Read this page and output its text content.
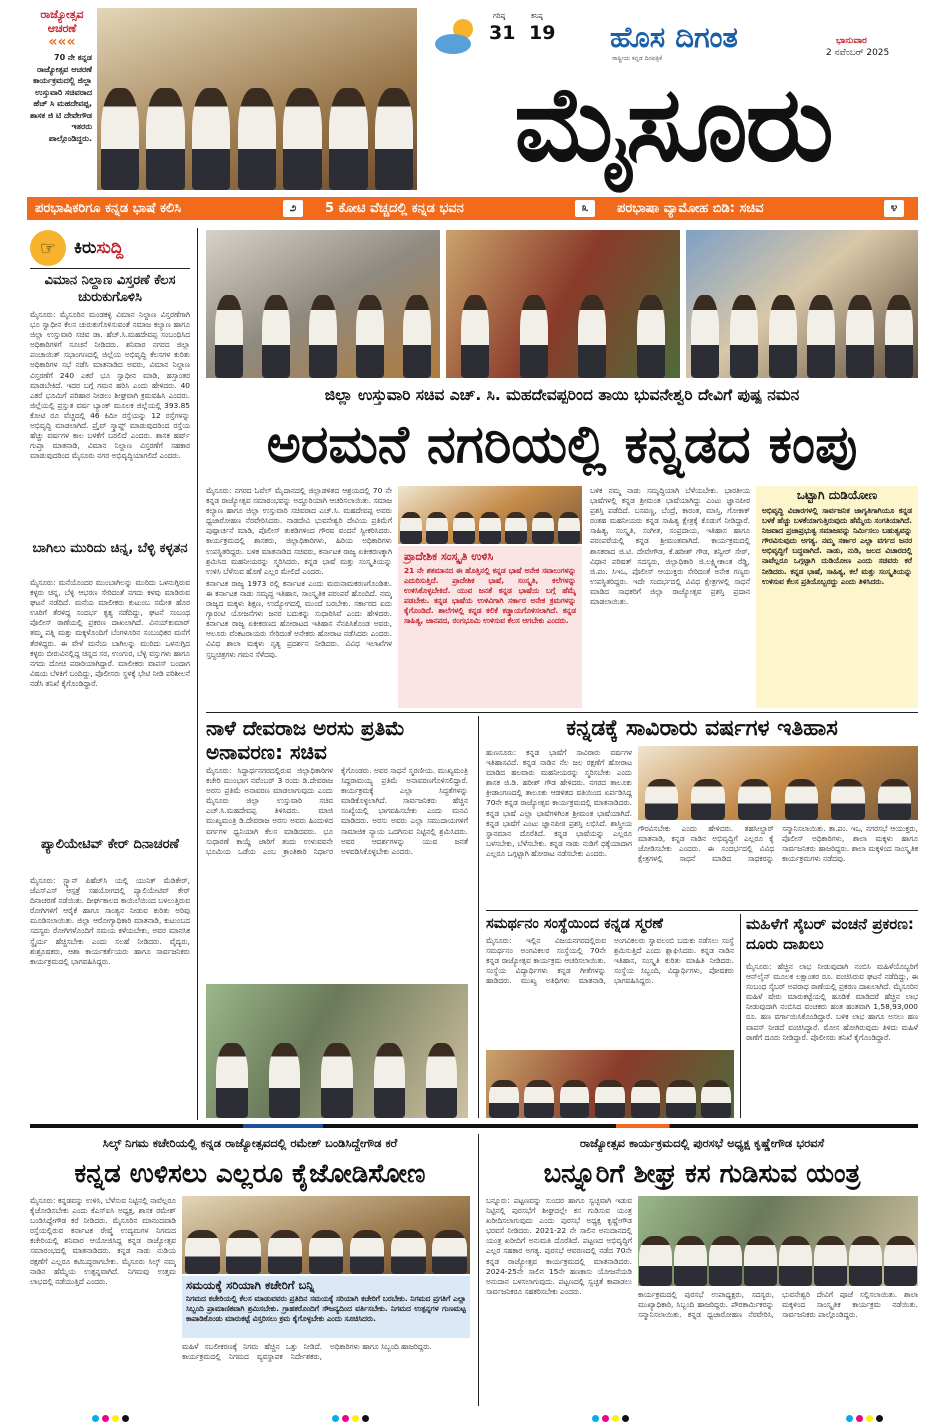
ರಾಜ್ಯೋತ್ಸವ
ಆಚರಣೆ
«««
70 ನೇ ಕನ್ನಡ ರಾಜ್ಯೋತ್ಸವ ಆಚರಣೆ ಕಾರ್ಯಕ್ರಮದಲ್ಲಿ ಜಿಲ್ಲಾ ಉಸ್ತುವಾರಿ ಸಚಿವರಾದ ಹೆಚ್ ಸಿ ಮಹದೇವಪ್ಪ, ಶಾಸಕ ಜಿ ಟಿ ದೇವೇಗೌಡ ಇತರರು ಪಾಲ್ಗೊಂಡಿದ್ದರು.
ಗರಿಷ್ಠ
31
ಕನಿಷ್ಠ
19 ಹೊಸ ದಿಗಂತ
ರಾಷ್ಟ್ರೀಯ ಕನ್ನಡ ದಿನಪತ್ರಿಕೆ
ಭಾನುವಾರ
2 ನವೆಂಬರ್ 2025
ಮೈಸೂರು
ಪರಭಾಷಿಕರಿಗೂ ಕನ್ನಡ ಭಾಷೆ ಕಲಿಸಿ	೨	5 ಕೋಟಿ ವೆಚ್ಚದಲ್ಲಿ ಕನ್ನಡ ಭವನ	೩	ಪರಭಾಷಾ ವ್ಯಾಮೋಹ ಬಿಡಿ: ಸಚಿವ	೪
☞	ಕಿರು ಸುದ್ದಿ
ವಿಮಾನ ನಿಲ್ದಾಣ ವಿಸ್ತರಣೆ ಕೆಲಸ ಚುರುಕುಗೊಳಿಸಿ
ಮೈಸೂರು: ಮೈಸೂರಿನ ಮಂಡಕಳ್ಳಿ ವಿಮಾನ ನಿಲ್ದಾಣ ವಿಸ್ತರಣೆಗಾಗಿ ಭೂ ಸ್ವಾಧೀನ ಕೆಲಸ ಚುರುಕುಗೊಳಿಸುವಂತೆ ಸಮಾಜ ಕಲ್ಯಾಣ ಹಾಗೂ ಜಿಲ್ಲಾ ಉಸ್ತುವಾರಿ ಸಚಿವ ಡಾ. ಹೆಚ್.ಸಿ.ಮಹದೇವಪ್ಪ ಸಂಬಂಧಿಸಿದ ಅಧಿಕಾರಿಗಳಿಗೆ ಸೂಚನೆ ನೀಡಿದರು. ಶನಿವಾರ ನಗರದ ಜಿಲ್ಲಾ ಪಂಚಾಯಿತ್ ಸಭಾಂಗಣದಲ್ಲಿ ಜಿಲ್ಲೆಯ ಅಭಿವೃದ್ಧಿ ಕೆಲಸಗಳ ಕುರಿತು ಅಧಿಕಾರಿಗಳ ಸಭೆ ನಡೆಸಿ ಮಾತನಾಡಿದ ಅವರು, ವಿಮಾನ ನಿಲ್ದಾಣ ವಿಸ್ತರಣೆಗೆ 240 ಎಕರೆ ಭೂ ಸ್ವಾಧೀನ ಮಾಡಿ, ಹಸ್ತಾಂತರ ಮಾಡಬೇಕಿದೆ. ಇದರ ಬಗ್ಗೆ ಗಮನ ಹರಿಸಿ ಎಂದು ಹೇಳಿದರು. 40 ಎಕರೆ ಭೂಮಿಗೆ ಪರಿಹಾರ ನೀಡಲು ಶೀಘ್ರವಾಗಿ ಕ್ರಮವಹಿಸಿ ಎಂದರು. ಜಿಲ್ಲೆಯಲ್ಲಿ ಪ್ರಸ್ತುತ ವರ್ಷ ಬ್ಯಾಂಕ್ ಮೂಲಕ ಜಿಲ್ಲೆಯಲ್ಲಿ 393.85 ಕೋಟಿ ರೂ ವೆಚ್ಚದಲ್ಲಿ 46 ಕಿಮೀ ರಸ್ತೆಯನ್ನು 12 ರಸ್ತೆಗಳನ್ನು ಅಭಿವೃದ್ಧಿ ಮಾಡಲಾಗಿದೆ. ಪ್ರೈವ್ ಸ್ಕ್ರಾಪ್ಡ್ ಮಾಡುವುದರಿಂದ ರಸ್ತೆಯ ಹೆಚ್ಚು ವರ್ಷಗಳ ಕಾಲ ಬಳಕೆಗೆ ಬರಲಿದೆ ಎಂದರು. ಶಾಸಕ ಹರ್ಷ್ ಗುಪ್ತಾ ಮಾತನಾಡಿ, ವಿಮಾನ ನಿಲ್ದಾಣ ವಿಸ್ತರಣೆಗೆ ಸಹಕಾರ ಮಾಡುವುದರಿಂದ ಮೈಸೂರು ನಗರ ಅಭಿವೃದ್ಧಿಯಾಗಲಿದೆ ಎಂದರು.
ಬಾಗಿಲು ಮುರಿದು ಚಿನ್ನ, ಬೆಳ್ಳಿ ಕಳ್ಳತನ
ಮೈಸೂರು: ಮನೆಯೊಂದರ ಮುಂಬಾಗಿಲನ್ನು ಮುರಿದು ಒಳನುಗ್ಗಿರುವ ಕಳ್ಳರು ಚಿನ್ನ, ಬೆಳ್ಳಿ ಆಭರಣ ಸೇರಿದಂತೆ ನಗದು ಕಳವು ಮಾಡಿರುವ ಘಟನೆ ನಡೆದಿದೆ. ಮನೆಯ ಮಾಲೀಕರು ಕುಟುಂಬ ಸಮೇತ ಹೊರ ಊರಿಗೆ ತೆರಳಿದ್ದ ಸಂದರ್ಭ ಕೃತ್ಯ ನಡೆದಿದ್ದು, ಘಟನೆ ಸಂಬಂಧ ಪೊಲೀಸ್ ಠಾಣೆಯಲ್ಲಿ ಪ್ರಕರಣ ದಾಖಲಾಗಿದೆ. ವಿನಯ್‌ಕುಮಾರ್ ತಮ್ಮ ಪತ್ನಿ ಮತ್ತು ಮಕ್ಕಳೊಂದಿಗೆ ಬೆಂಗಳೂರಿನ ಸಂಬಂಧಿಕರ ಮನೆಗೆ ತೆರಳಿದ್ದರು. ಈ ವೇಳೆ ಮನೆಯ ಬಾಗಿಲನ್ನು ಮುರಿದು ಒಳನುಗ್ಗಿದ ಕಳ್ಳರು ಬೀರುವಿನಲ್ಲಿದ್ದ ಚಿನ್ನದ ಸರ, ಉಂಗುರ, ಬೆಳ್ಳಿ ವಸ್ತುಗಳು ಹಾಗೂ ನಗದು ದೋಚಿ ಪರಾರಿಯಾಗಿದ್ದಾರೆ. ಮಾಲೀಕರು ವಾಪಸ್ ಬಂದಾಗ ವಿಷಯ ಬೆಳಕಿಗೆ ಬಂದಿದ್ದು, ಪೊಲೀಸರು ಸ್ಥಳಕ್ಕೆ ಭೇಟಿ ನೀಡಿ ಪರಿಶೀಲನೆ ನಡೆಸಿ ತನಿಖೆ ಕೈಗೊಂಡಿದ್ದಾರೆ.
ಪ್ಯಾಲಿಯೇಟಿವ್ ಕೇರ್ ದಿನಾಚರಣೆ
ಮೈಸೂರು: ಸ್ಟ್ಯಾನ್ ಪಿಹೆಚ್‌ಸಿ ಯಲ್ಲಿ ಯುನಿಕ್ ಮೆಡಿಕೇರ್, ಜೆಎಸ್‌ಎಸ್ ಆಸ್ಪತ್ರೆ ಸಹಯೋಗದಲ್ಲಿ ಪ್ಯಾಲಿಯೇಟಿವ್ ಕೇರ್ ದಿನಾಚರಣೆ ನಡೆಯಿತು. ದೀರ್ಘಕಾಲದ ಕಾಯಿಲೆಯಿಂದ ಬಳಲುತ್ತಿರುವ ರೋಗಿಗಳಿಗೆ ಆರೈಕೆ ಹಾಗೂ ಸಾಂತ್ವನ ನೀಡುವ ಕುರಿತು ಅರಿವು ಮೂಡಿಸಲಾಯಿತು. ಜಿಲ್ಲಾ ಆರೋಗ್ಯಾಧಿಕಾರಿ ಮಾತನಾಡಿ, ಕುಟುಂಬದ ಸದಸ್ಯರು ರೋಗಿಗಳೊಂದಿಗೆ ಸಮಯ ಕಳೆಯಬೇಕು, ಅವರ ಮಾನಸಿಕ ಸ್ಥೈರ್ಯ ಹೆಚ್ಚಿಸಬೇಕು ಎಂದು ಸಲಹೆ ನೀಡಿದರು. ವೈದ್ಯರು, ಶುಶ್ರೂಷಕರು, ಆಶಾ ಕಾರ್ಯಕರ್ತೆಯರು ಹಾಗೂ ಸಾರ್ವಜನಿಕರು ಕಾರ್ಯಕ್ರಮದಲ್ಲಿ ಭಾಗವಹಿಸಿದ್ದರು.
ಜಿಲ್ಲಾ ಉಸ್ತುವಾರಿ ಸಚಿವ ಎಚ್. ಸಿ. ಮಹದೇವಪ್ಪರಿಂದ ತಾಯಿ ಭುವನೇಶ್ವರಿ ದೇವಿಗೆ ಪುಷ್ಪ ನಮನ
ಅರಮನೆ ನಗರಿಯಲ್ಲಿ ಕನ್ನಡದ ಕಂಪು
ಮೈಸೂರು: ನಗರದ ಓವೆಲ್ ಮೈದಾನದಲ್ಲಿ ಜಿಲ್ಲಾಡಳಿತದ ಆಶ್ರಯದಲ್ಲಿ 70 ನೇ ಕನ್ನಡ ರಾಜ್ಯೋತ್ಸವ ಸಮಾರಂಭವನ್ನು ಅದ್ದೂರಿಯಾಗಿ ಆಚರಿಸಲಾಯಿತು. ಸಮಾಜ ಕಲ್ಯಾಣ ಹಾಗೂ ಜಿಲ್ಲಾ ಉಸ್ತುವಾರಿ ಸಚಿವರಾದ ಎಚ್.ಸಿ. ಮಹದೇವಪ್ಪ ಅವರು ಧ್ವಜಾರೋಹಣ ನೆರವೇರಿಸಿದರು. ನಾಡದೇವಿ ಭುವನೇಶ್ವರಿ ದೇವಿಯ ಪ್ರತಿಮೆಗೆ ಪುಷ್ಪಾರ್ಚನೆ ಮಾಡಿ, ಪೊಲೀಸ್ ತುಕಡಿಗಳಿಂದ ಗೌರವ ವಂದನೆ ಸ್ವೀಕರಿಸಿದರು. ಕಾರ್ಯಕ್ರಮದಲ್ಲಿ ಶಾಸಕರು, ಜಿಲ್ಲಾಧಿಕಾರಿಗಳು, ಹಿರಿಯ ಅಧಿಕಾರಿಗಳು ಉಪಸ್ಥಿತರಿದ್ದರು. ಬಳಿಕ ಮಾತನಾಡಿದ ಸಚಿವರು, ಕರ್ನಾಟಕ ರಾಜ್ಯ ಏಕೀಕರಣಕ್ಕಾಗಿ ಶ್ರಮಿಸಿದ ಮಹನೀಯರನ್ನು ಸ್ಮರಿಸಿದರು. ಕನ್ನಡ ಭಾಷೆ ಮತ್ತು ಸಂಸ್ಕೃತಿಯನ್ನು ಉಳಿಸಿ ಬೆಳೆಸುವ ಹೊಣೆ ಎಲ್ಲರ ಮೇಲಿದೆ ಎಂದರು.
ಕರ್ನಾಟಕ ರಾಜ್ಯ 1973 ರಲ್ಲಿ ಕರ್ನಾಟಕ ಎಂದು ಮರುನಾಮಕರಣಗೊಂಡಿತು. ಈ ಕರ್ನಾಟಕ ನಾಡು ಸಮೃದ್ಧ ಇತಿಹಾಸ, ಸಾಂಸ್ಕೃತಿಕ ಪರಂಪರೆ ಹೊಂದಿದೆ. ನಮ್ಮ ರಾಜ್ಯದ ಮಕ್ಕಳು ಶಿಕ್ಷಣ, ಉದ್ಯೋಗದಲ್ಲಿ ಮುಂದೆ ಬರಬೇಕು. ಸರ್ಕಾರದ ಐದು ಗ್ಯಾರಂಟಿ ಯೋಜನೆಗಳು ಜನರ ಬದುಕನ್ನು ಸುಧಾರಿಸಿವೆ ಎಂದು ಹೇಳಿದರು. ಕರ್ನಾಟಕ ರಾಜ್ಯ ಏಕೀಕರಣದ ಹೋರಾಟದ ಇತಿಹಾಸ ನೆನಪಿಸಿಕೊಂಡ ಅವರು, ಆಲೂರು ವೆಂಕಟರಾಯರು ಸೇರಿದಂತೆ ಅನೇಕರು ಹೋರಾಟ ನಡೆಸಿದರು ಎಂದರು. ವಿವಿಧ ಶಾಲಾ ಮಕ್ಕಳು ನೃತ್ಯ ಪ್ರದರ್ಶನ ನೀಡಿದರು. ವಿವಿಧ ಇಲಾಖೆಗಳ ಸ್ತಬ್ಧಚಿತ್ರಗಳು ಗಮನ ಸೆಳೆದವು.
ಪ್ರಾದೇಶಿಕ ಸಂಸ್ಕೃತಿ ಉಳಿಸಿ
21 ನೇ ಶತಮಾನದ ಈ ಹೊತ್ತಿನಲ್ಲಿ ಕನ್ನಡ ಭಾಷೆ ಅನೇಕ ಸವಾಲುಗಳನ್ನು ಎದುರಿಸುತ್ತಿದೆ. ಪ್ರಾದೇಶಿಕ ಭಾಷೆ, ಸಂಸ್ಕೃತಿ, ಕಲೆಗಳನ್ನು ಉಳಿಸಿಕೊಳ್ಳಬೇಕಿದೆ. ಯುವ ಜನತೆ ಕನ್ನಡ ಭಾಷೆಯ ಬಗ್ಗೆ ಹೆಮ್ಮೆ ಪಡಬೇಕು. ಕನ್ನಡ ಭಾಷೆಯ ಉಳಿವಿಗಾಗಿ ಸರ್ಕಾರ ಅನೇಕ ಕ್ರಮಗಳನ್ನು ಕೈಗೊಂಡಿದೆ. ಶಾಲೆಗಳಲ್ಲಿ ಕನ್ನಡ ಕಲಿಕೆ ಕಡ್ಡಾಯಗೊಳಿಸಲಾಗಿದೆ. ಕನ್ನಡ ಸಾಹಿತ್ಯ, ಜಾನಪದ, ರಂಗಭೂಮಿ ಉಳಿಸುವ ಕೆಲಸ ಆಗಬೇಕು ಎಂದರು.
ಬಳಿಕ ನಮ್ಮ ನಾಡು ಸಮೃದ್ಧಿಯಾಗಿ ಬೆಳೆಯಬೇಕು. ಭಾರತೀಯ ಭಾಷೆಗಳಲ್ಲಿ ಕನ್ನಡ ಶ್ರೀಮಂತ ಭಾಷೆಯಾಗಿದ್ದು ಎಂಟು ಜ್ಞಾನಪೀಠ ಪ್ರಶಸ್ತಿ ಪಡೆದಿದೆ. ಬಸವಣ್ಣ, ಬೆಂದ್ರೆ, ಕಾರಂತ, ಮಾಸ್ತಿ, ಗೋಕಾಕ್ ರಂತಹ ಮಹನೀಯರು ಕನ್ನಡ ಸಾಹಿತ್ಯ ಕ್ಷೇತ್ರಕ್ಕೆ ಕೊಡುಗೆ ನೀಡಿದ್ದಾರೆ. ಸಾಹಿತ್ಯ, ಸಂಸ್ಕೃತಿ, ಸಂಗೀತ, ಸಂಪ್ರದಾಯ, ಇತಿಹಾಸ ಹಾಗೂ ಪರಂಪರೆಯಲ್ಲಿ ಕನ್ನಡ ಶ್ರೀಮಂತವಾಗಿದೆ. ಕಾರ್ಯಕ್ರಮದಲ್ಲಿ ಶಾಸಕರಾದ ಜಿ.ಟಿ. ದೇವೇಗೌಡ, ಕೆ.ಹರೀಶ್ ಗೌಡ, ತನ್ವೀರ್ ಸೇಠ್, ವಿಧಾನ ಪರಿಷತ್ ಸದಸ್ಯರು, ಜಿಲ್ಲಾಧಿಕಾರಿ ಜಿ.ಲಕ್ಷ್ಮೀಕಾಂತ ರೆಡ್ಡಿ, ಜಿ.ಪಂ. ಸಿಇಒ, ಪೊಲೀಸ್ ಆಯುಕ್ತರು ಸೇರಿದಂತೆ ಅನೇಕ ಗಣ್ಯರು ಉಪಸ್ಥಿತರಿದ್ದರು. ಇದೇ ಸಂದರ್ಭದಲ್ಲಿ ವಿವಿಧ ಕ್ಷೇತ್ರಗಳಲ್ಲಿ ಸಾಧನೆ ಮಾಡಿದ ಸಾಧಕರಿಗೆ ಜಿಲ್ಲಾ ರಾಜ್ಯೋತ್ಸವ ಪ್ರಶಸ್ತಿ ಪ್ರದಾನ ಮಾಡಲಾಯಿತು.
ಒಟ್ಟಾಗಿ ದುಡಿಯೋಣ
ಅಭಿವೃದ್ಧಿ ವಿಚಾರಗಳಲ್ಲಿ ಸಾರ್ವಜನಿಕ ಜಾಗೃತಿಗಾಗಿಯೂ ಕನ್ನಡ ಬಳಕೆ ಹೆಚ್ಚು ಬಳಕೆಯಾಗುತ್ತಿರುವುದು ಹೆಮ್ಮೆಯ ಸಂಗತಿಯಾಗಿದೆ. ನಿಜವಾದ ಪ್ರಜಾಪ್ರಭುತ್ವ ಸಮಾಜವನ್ನು ನಿರ್ಮಿಸಲು ಬಹುತ್ವವನ್ನು ಗೌರವಿಸುವುದು ಅಗತ್ಯ. ನಮ್ಮ ಸರ್ಕಾರ ಎಲ್ಲಾ ವರ್ಗದ ಜನರ ಅಭಿವೃದ್ಧಿಗೆ ಬದ್ಧವಾಗಿದೆ. ನಾಡು, ನುಡಿ, ಜಲದ ವಿಚಾರದಲ್ಲಿ ನಾವೆಲ್ಲರೂ ಒಗ್ಗಟ್ಟಾಗಿ ದುಡಿಯೋಣ ಎಂದು ಸಚಿವರು ಕರೆ ನೀಡಿದರು. ಕನ್ನಡ ಭಾಷೆ, ಸಾಹಿತ್ಯ, ಕಲೆ ಮತ್ತು ಸಂಸ್ಕೃತಿಯನ್ನು ಉಳಿಸುವ ಕೆಲಸ ಪ್ರತಿಯೊಬ್ಬರದ್ದು ಎಂದು ತಿಳಿಸಿದರು.
ನಾಳೆ ದೇವರಾಜ ಅರಸು ಪ್ರತಿಮೆ ಅನಾವರಣ: ಸಚಿವ
ಮೈಸೂರು: ಸಿದ್ದಾರ್ಥನಗರದಲ್ಲಿರುವ ಜಿಲ್ಲಾಧಿಕಾರಿಗಳ ಕಚೇರಿ ಮುಂಭಾಗ ನವೆಂಬರ್ 3 ರಂದು ಡಿ.ದೇವರಾಜ ಅರಸು ಪ್ರತಿಮೆ ಅನಾವರಣ ಮಾಡಲಾಗುವುದು ಎಂದು ಮೈಸೂರು ಜಿಲ್ಲಾ ಉಸ್ತುವಾರಿ ಸಚಿವ ಎಚ್.ಸಿ.ಮಹದೇವಪ್ಪ ತಿಳಿಸಿದರು. ಮಾಜಿ ಮುಖ್ಯಮಂತ್ರಿ ಡಿ.ದೇವರಾಜ ಅರಸು ಅವರು ಹಿಂದುಳಿದ ವರ್ಗಗಳ ಧ್ವನಿಯಾಗಿ ಕೆಲಸ ಮಾಡಿದವರು. ಭೂ ಸುಧಾರಣೆ ಕಾಯ್ದೆ ಜಾರಿಗೆ ತಂದು ಉಳುವವನೇ ಭೂಮಿಯ ಒಡೆಯ ಎಂಬ ಕ್ರಾಂತಿಕಾರಿ ನಿರ್ಧಾರ ಕೈಗೊಂಡರು. ಅವರ ಸಾಧನೆ ಸ್ಮರಣೀಯ. ಮುಖ್ಯಮಂತ್ರಿ ಸಿದ್ದರಾಮಯ್ಯ ಪ್ರತಿಮೆ ಅನಾವರಣಗೊಳಿಸಲಿದ್ದಾರೆ. ಕಾರ್ಯಕ್ರಮಕ್ಕೆ ಎಲ್ಲಾ ಸಿದ್ಧತೆಗಳನ್ನು ಮಾಡಿಕೊಳ್ಳಲಾಗಿದೆ. ಸಾರ್ವಜನಿಕರು ಹೆಚ್ಚಿನ ಸಂಖ್ಯೆಯಲ್ಲಿ ಭಾಗವಹಿಸಬೇಕು ಎಂದು ಮನವಿ ಮಾಡಿದರು. ಅರಸು ಅವರು ಎಲ್ಲಾ ಸಮುದಾಯಗಳಿಗೆ ಸಾಮಾಜಿಕ ನ್ಯಾಯ ಒದಗಿಸುವ ನಿಟ್ಟಿನಲ್ಲಿ ಶ್ರಮಿಸಿದರು. ಅವರ ಆದರ್ಶಗಳನ್ನು ಯುವ ಜನತೆ ಅಳವಡಿಸಿಕೊಳ್ಳಬೇಕು ಎಂದರು.
ಕನ್ನಡಕ್ಕೆ ಸಾವಿರಾರು ವರ್ಷಗಳ ಇತಿಹಾಸ
ಹುಣಸೂರು: ಕನ್ನಡ ಭಾಷೆಗೆ ಸಾವಿರಾರು ವರ್ಷಗಳ ಇತಿಹಾಸವಿದೆ. ಕನ್ನಡ ನಾಡಿನ ನೆಲ ಜಲ ರಕ್ಷಣೆಗೆ ಹೋರಾಟ ಮಾಡಿದ ಹಲವಾರು ಮಹನೀಯರನ್ನು ಸ್ಮರಿಸಬೇಕು ಎಂದು ಶಾಸಕ ಜಿ.ಡಿ. ಹರೀಶ್ ಗೌಡ ಹೇಳಿದರು. ನಗರದ ತಾಲೂಕು ಕ್ರೀಡಾಂಗಣದಲ್ಲಿ ತಾಲೂಕು ಆಡಳಿತದ ವತಿಯಿಂದ ಏರ್ಪಡಿಸಿದ್ದ 70ನೇ ಕನ್ನಡ ರಾಜ್ಯೋತ್ಸವ ಕಾರ್ಯಕ್ರಮದಲ್ಲಿ ಮಾತನಾಡಿದರು. ಕನ್ನಡ ಭಾಷೆ ಎಲ್ಲಾ ಭಾಷೆಗಳಿಗಿಂತ ಶ್ರೀಮಂತ ಭಾಷೆಯಾಗಿದೆ. ಕನ್ನಡ ಭಾಷೆಗೆ ಎಂಟು ಜ್ಞಾನಪೀಠ ಪ್ರಶಸ್ತಿ ಲಭಿಸಿದೆ. ಶಾಸ್ತ್ರೀಯ ಸ್ಥಾನಮಾನ ದೊರೆತಿದೆ. ಕನ್ನಡ ಭಾಷೆಯನ್ನು ಎಲ್ಲರೂ ಬಳಸಬೇಕು, ಬೆಳೆಸಬೇಕು. ಕನ್ನಡ ನಾಡು ನುಡಿಗೆ ಧಕ್ಕೆಯಾದಾಗ ಎಲ್ಲರೂ ಒಗ್ಗಟ್ಟಾಗಿ ಹೋರಾಟ ನಡೆಸಬೇಕು ಎಂದರು.
ಗೌರವಿಸಬೇಕು ಎಂದು ಹೇಳಿದರು. ತಹಸೀಲ್ದಾರ್ ಮಾತನಾಡಿ, ಕನ್ನಡ ನಾಡಿನ ಅಭಿವೃದ್ಧಿಗೆ ಎಲ್ಲರೂ ಕೈ ಜೋಡಿಸಬೇಕು ಎಂದರು. ಈ ಸಂದರ್ಭದಲ್ಲಿ ವಿವಿಧ ಕ್ಷೇತ್ರಗಳಲ್ಲಿ ಸಾಧನೆ ಮಾಡಿದ ಸಾಧಕರನ್ನು ಸನ್ಮಾನಿಸಲಾಯಿತು. ತಾ.ಪಂ. ಇಒ, ನಗರಸಭೆ ಆಯುಕ್ತರು, ಪೊಲೀಸ್ ಅಧಿಕಾರಿಗಳು, ಶಾಲಾ ಮಕ್ಕಳು ಹಾಗೂ ಸಾರ್ವಜನಿಕರು ಹಾಜರಿದ್ದರು. ಶಾಲಾ ಮಕ್ಕಳಿಂದ ಸಾಂಸ್ಕೃತಿಕ ಕಾರ್ಯಕ್ರಮಗಳು ನಡೆದವು.
ಸಮರ್ಥನಂ ಸಂಸ್ಥೆಯಿಂದ ಕನ್ನಡ ಸ್ಮರಣೆ
ಮೈಸೂರು: ಇಲ್ಲಿನ ವಿಜಯನಗರದಲ್ಲಿರುವ ಸಮರ್ಥನಂ ಅಂಗವಿಕಲರ ಸಂಸ್ಥೆಯಲ್ಲಿ 70ನೇ ಕನ್ನಡ ರಾಜ್ಯೋತ್ಸವ ಕಾರ್ಯಕ್ರಮ ಆಚರಿಸಲಾಯಿತು. ಸಂಸ್ಥೆಯ ವಿದ್ಯಾರ್ಥಿಗಳು ಕನ್ನಡ ಗೀತೆಗಳನ್ನು ಹಾಡಿದರು. ಮುಖ್ಯ ಅತಿಥಿಗಳು ಮಾತನಾಡಿ, ಅಂಗವಿಕಲರು ಸ್ವಾವಲಂಬಿ ಬದುಕು ನಡೆಸಲು ಸಂಸ್ಥೆ ಶ್ರಮಿಸುತ್ತಿದೆ ಎಂದು ಶ್ಲಾಘಿಸಿದರು. ಕನ್ನಡ ನಾಡಿನ ಇತಿಹಾಸ, ಸಂಸ್ಕೃತಿ ಕುರಿತು ಮಾಹಿತಿ ನೀಡಿದರು. ಸಂಸ್ಥೆಯ ಸಿಬ್ಬಂದಿ, ವಿದ್ಯಾರ್ಥಿಗಳು, ಪೋಷಕರು ಭಾಗವಹಿಸಿದ್ದರು.
ಮಹಿಳೆಗೆ ಸೈಬರ್ ವಂಚನೆ ಪ್ರಕರಣ: ದೂರು ದಾಖಲು
ಮೈಸೂರು: ಹೆಚ್ಚಿನ ಲಾಭ ನೀಡುವುದಾಗಿ ನಂಬಿಸಿ ಮಹಿಳೆಯೊಬ್ಬರಿಗೆ ಆನ್‌ಲೈನ್ ಮೂಲಕ ಲಕ್ಷಾಂತರ ರೂ. ವಂಚಿಸಿರುವ ಘಟನೆ ನಡೆದಿದ್ದು, ಈ ಸಂಬಂಧ ಸೈಬರ್ ಅಪರಾಧ ಠಾಣೆಯಲ್ಲಿ ಪ್ರಕರಣ ದಾಖಲಾಗಿದೆ. ಮೈಸೂರಿನ ಮಹಿಳೆ ಷೇರು ಮಾರುಕಟ್ಟೆಯಲ್ಲಿ ಹೂಡಿಕೆ ಮಾಡಿದರೆ ಹೆಚ್ಚಿನ ಲಾಭ ನೀಡುವುದಾಗಿ ನಂಬಿಸಿದ ವಂಚಕರು ಹಂತ ಹಂತವಾಗಿ 1,58,93,000 ರೂ. ಹಣ ವರ್ಗಾಯಿಸಿಕೊಂಡಿದ್ದಾರೆ. ಬಳಿಕ ಲಾಭ ಹಾಗೂ ಅಸಲು ಹಣ ವಾಪಸ್ ನೀಡದೆ ವಂಚಿಸಿದ್ದಾರೆ. ಮೋಸ ಹೋಗಿರುವುದು ತಿಳಿದು ಮಹಿಳೆ ಠಾಣೆಗೆ ದೂರು ನೀಡಿದ್ದಾರೆ. ಪೊಲೀಸರು ತನಿಖೆ ಕೈಗೊಂಡಿದ್ದಾರೆ.
ಸಿಲ್ಕ್ ನಿಗಮ ಕಚೇರಿಯಲ್ಲಿ ಕನ್ನಡ ರಾಜ್ಯೋತ್ಸವದಲ್ಲಿ ರಮೇಶ್ ಬಂಡಿಸಿದ್ದೇಗೌಡ ಕರೆ
ಕನ್ನಡ ಉಳಿಸಲು ಎಲ್ಲರೂ ಕೈಜೋಡಿಸೋಣ
ಮೈಸೂರು: ಕನ್ನಡವನ್ನು ಉಳಿಸಿ, ಬೆಳೆಸುವ ನಿಟ್ಟಿನಲ್ಲಿ ನಾವೆಲ್ಲರೂ ಕೈಜೋಡಿಸಬೇಕು ಎಂದು ಕೆಎಸ್‌ಐಸಿ ಅಧ್ಯಕ್ಷ, ಶಾಸಕ ರಮೇಶ್ ಬಂಡಿಸಿದ್ದೇಗೌಡ ಕರೆ ನೀಡಿದರು. ಮೈಸೂರಿನ ಮಾನಂದವಾಡಿ ರಸ್ತೆಯಲ್ಲಿರುವ ಕರ್ನಾಟಕ ರೇಷ್ಮೆ ಉದ್ಯಮಗಳ ನಿಗಮದ ಕಚೇರಿಯಲ್ಲಿ ಶನಿವಾರ ಆಯೋಜಿಸಿದ್ದ ಕನ್ನಡ ರಾಜ್ಯೋತ್ಸವ ಸಮಾರಂಭದಲ್ಲಿ ಮಾತನಾಡಿದರು. ಕನ್ನಡ ನಾಡು ನುಡಿಯ ರಕ್ಷಣೆಗೆ ಎಲ್ಲರೂ ಕಟಿಬದ್ಧರಾಗಬೇಕು. ಮೈಸೂರು ಸಿಲ್ಕ್ ನಮ್ಮ ನಾಡಿನ ಹೆಮ್ಮೆಯ ಉತ್ಪನ್ನವಾಗಿದೆ. ನಿಗಮವು ಉತ್ತಮ ಲಾಭದಲ್ಲಿ ನಡೆಯುತ್ತಿದೆ ಎಂದರು.	ಸಮಯಕ್ಕೆ ಸರಿಯಾಗಿ ಕಚೇರಿಗೆ ಬನ್ನಿ
ನಿಗಮದ ಕಚೇರಿಯಲ್ಲಿ ಕೆಲಸ ಮಾಡುವವರು ಪ್ರತಿದಿನ ಸಮಯಕ್ಕೆ ಸರಿಯಾಗಿ ಕಚೇರಿಗೆ ಬರಬೇಕು. ನಿಗಮದ ಪ್ರಗತಿಗೆ ಎಲ್ಲಾ ಸಿಬ್ಬಂದಿ ಪ್ರಾಮಾಣಿಕವಾಗಿ ಶ್ರಮಿಸಬೇಕು. ಗ್ರಾಹಕರೊಂದಿಗೆ ಸೌಜನ್ಯದಿಂದ ವರ್ತಿಸಬೇಕು. ನಿಗಮದ ಉತ್ಪನ್ನಗಳ ಗುಣಮಟ್ಟ ಕಾಪಾಡಿಕೊಂಡು ಮಾರುಕಟ್ಟೆ ವಿಸ್ತರಿಸಲು ಕ್ರಮ ಕೈಗೊಳ್ಳಬೇಕು ಎಂದು ಸೂಚಿಸಿದರು.
ಮಹಿಳೆ ಸಬಲೀಕರಣಕ್ಕೆ ನಿಗಮ ಹೆಚ್ಚಿನ ಒತ್ತು ನೀಡಿದೆ. ಕಾರ್ಯಕ್ರಮದಲ್ಲಿ ನಿಗಮದ ವ್ಯವಸ್ಥಾಪಕ ನಿರ್ದೇಶಕರು, ಅಧಿಕಾರಿಗಳು ಹಾಗೂ ಸಿಬ್ಬಂದಿ ಹಾಜರಿದ್ದರು.
ರಾಜ್ಯೋತ್ಸವ ಕಾರ್ಯಕ್ರಮದಲ್ಲಿ ಪುರಸಭೆ ಅಧ್ಯಕ್ಷ ಕೃಷ್ಣೇಗೌಡ ಭರವಸೆ
ಬನ್ನೂರಿಗೆ ಶೀಘ್ರ ಕಸ ಗುಡಿಸುವ ಯಂತ್ರ
ಬನ್ನೂರು: ಪಟ್ಟಣವನ್ನು ಸುಂದರ ಹಾಗೂ ಸ್ವಚ್ಛವಾಗಿ ಇಡುವ ನಿಟ್ಟಿನಲ್ಲಿ ಪುರಸಭೆಗೆ ಶೀಘ್ರದಲ್ಲೇ ಕಸ ಗುಡಿಸುವ ಯಂತ್ರ ಖರೀದಿಸಲಾಗುವುದು ಎಂದು ಪುರಸಭೆ ಅಧ್ಯಕ್ಷ ಕೃಷ್ಣೇಗೌಡ ಭರವಸೆ ನೀಡಿದರು. 2021-22 ನೇ ಸಾಲಿನ ಅನುದಾನದಲ್ಲಿ ಯಂತ್ರ ಖರೀದಿಗೆ ಅನುಮತಿ ದೊರೆತಿದೆ. ಪಟ್ಟಣದ ಅಭಿವೃದ್ಧಿಗೆ ಎಲ್ಲರ ಸಹಕಾರ ಅಗತ್ಯ. ಪುರಸಭೆ ಆವರಣದಲ್ಲಿ ನಡೆದ 70ನೇ ಕನ್ನಡ ರಾಜ್ಯೋತ್ಸವ ಕಾರ್ಯಕ್ರಮದಲ್ಲಿ ಮಾತನಾಡಿದರು. 2024-25ನೇ ಸಾಲಿನ 15ನೇ ಹಣಕಾಸು ಯೋಜನೆಯಡಿ ಅನುದಾನ ಬಳಸಲಾಗುವುದು. ಪಟ್ಟಣದಲ್ಲಿ ಸ್ವಚ್ಛತೆ ಕಾಪಾಡಲು ಸಾರ್ವಜನಿಕರೂ ಸಹಕರಿಸಬೇಕು ಎಂದರು.	ಕಾರ್ಯಕ್ರಮದಲ್ಲಿ ಪುರಸಭೆ ಉಪಾಧ್ಯಕ್ಷರು, ಸದಸ್ಯರು, ಮುಖ್ಯಾಧಿಕಾರಿ, ಸಿಬ್ಬಂದಿ ಹಾಜರಿದ್ದರು. ಪೌರಕಾರ್ಮಿಕರನ್ನು ಸನ್ಮಾನಿಸಲಾಯಿತು. ಕನ್ನಡ ಧ್ವಜಾರೋಹಣ ನೆರವೇರಿಸಿ, ಭುವನೇಶ್ವರಿ ದೇವಿಗೆ ಪೂಜೆ ಸಲ್ಲಿಸಲಾಯಿತು. ಶಾಲಾ ಮಕ್ಕಳಿಂದ ಸಾಂಸ್ಕೃತಿಕ ಕಾರ್ಯಕ್ರಮ ನಡೆಯಿತು. ಸಾರ್ವಜನಿಕರು ಪಾಲ್ಗೊಂಡಿದ್ದರು.
